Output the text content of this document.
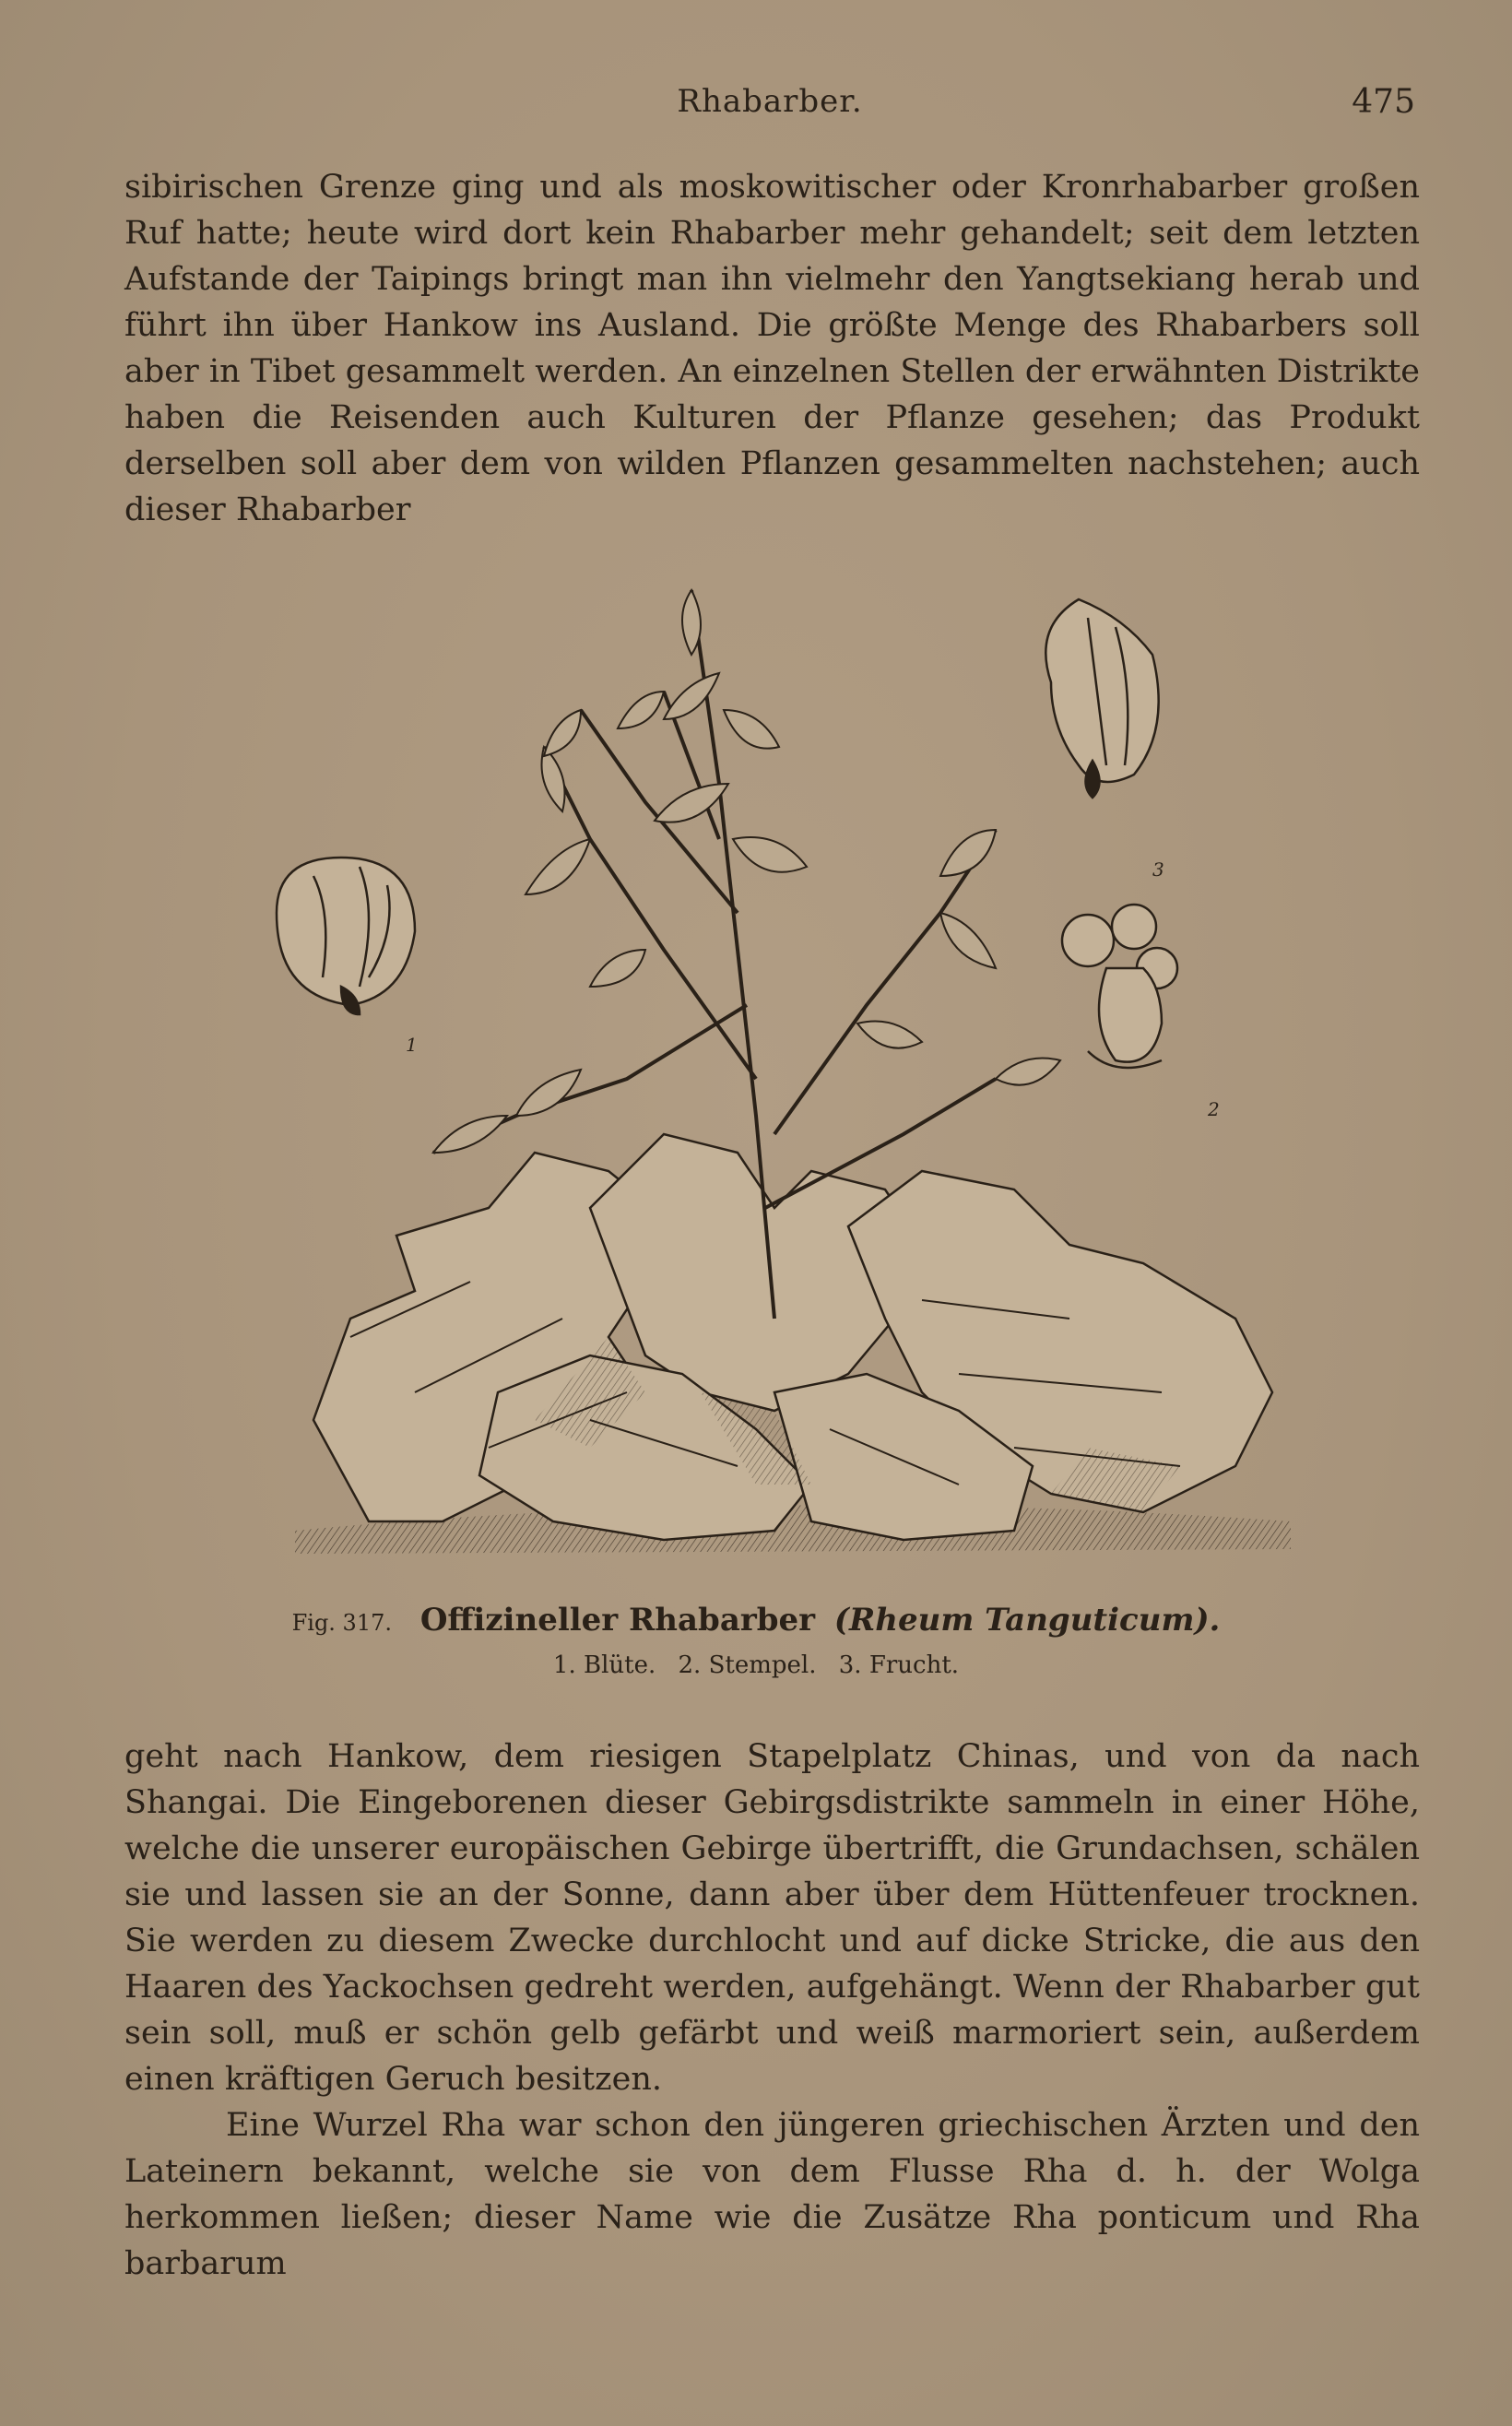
Rhabarber.	475

sibirischen Grenze ging und als moskowitischer oder Kronrhabarber großen Ruf hatte; heute wird dort kein Rhabarber mehr gehandelt; seit dem letzten Aufstande der Taipings bringt man ihn vielmehr den Yangtsekiang herab und führt ihn über Hankow ins Ausland. Die größte Menge des Rhabarbers soll aber in Tibet gesammelt werden. An einzelnen Stellen der erwähnten Distrikte haben die Reisenden auch Kulturen der Pflanze gesehen; das Produkt derselben soll aber dem von wilden Pflanzen gesammelten nachstehen; auch dieser Rhabarber

1
3
2
Fig. 317. Offizineller Rhabarber (Rheum Tanguticum).
1. Blüte. 2. Stempel. 3. Frucht.

geht nach Hankow, dem riesigen Stapelplatz Chinas, und von da nach Shangai. Die Eingeborenen dieser Gebirgsdistrikte sammeln in einer Höhe, welche die unserer europäischen Gebirge übertrifft, die Grundachsen, schälen sie und lassen sie an der Sonne, dann aber über dem Hüttenfeuer trocknen. Sie werden zu diesem Zwecke durchlocht und auf dicke Stricke, die aus den Haaren des Yackochsen gedreht werden, aufgehängt. Wenn der Rhabarber gut sein soll, muß er schön gelb gefärbt und weiß marmoriert sein, außerdem einen kräftigen Geruch besitzen.

Eine Wurzel Rha war schon den jüngeren griechischen Ärzten und den Lateinern bekannt, welche sie von dem Flusse Rha d. h. der Wolga herkommen ließen; dieser Name wie die Zusätze Rha ponticum und Rha barbarum
